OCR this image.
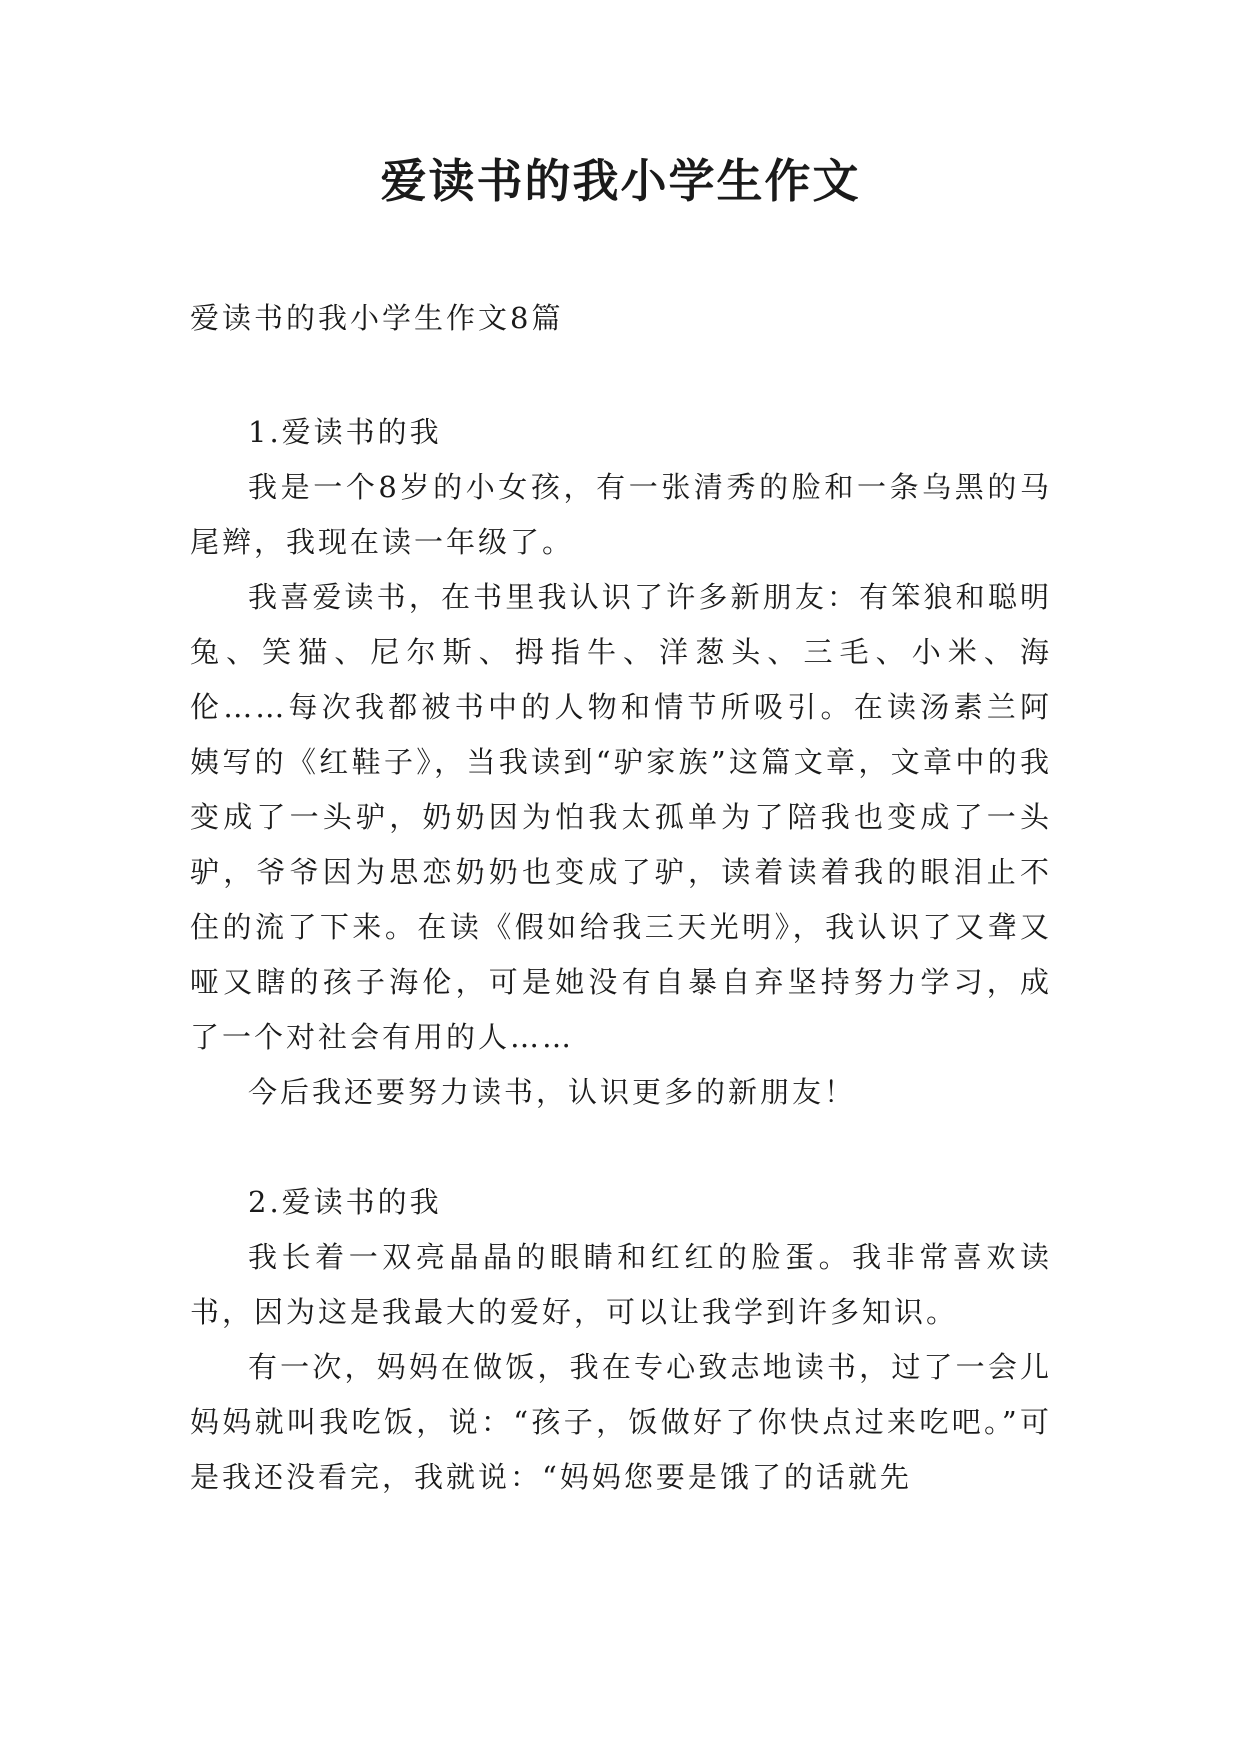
爱读书的我小学生作文

爱读书的我小学生作文8篇

1.爱读书的我

我是一个8岁的小女孩，有一张清秀的脸和一条乌黑的马尾辫，我现在读一年级了。

我喜爱读书，在书里我认识了许多新朋友：有笨狼和聪明兔、笑猫、尼尔斯、拇指牛、洋葱头、三毛、小米、海伦……每次我都被书中的人物和情节所吸引。在读汤素兰阿姨写的《红鞋子》，当我读到“驴家族”这篇文章，文章中的我变成了一头驴，奶奶因为怕我太孤单为了陪我也变成了一头驴，爷爷因为思恋奶奶也变成了驴，读着读着我的眼泪止不住的流了下来。在读《假如给我三天光明》，我认识了又聋又哑又瞎的孩子海伦，可是她没有自暴自弃坚持努力学习，成了一个对社会有用的人……

今后我还要努力读书，认识更多的新朋友！

2.爱读书的我

我长着一双亮晶晶的眼睛和红红的脸蛋。我非常喜欢读书，因为这是我最大的爱好，可以让我学到许多知识。

有一次，妈妈在做饭，我在专心致志地读书，过了一会儿妈妈就叫我吃饭，说：“孩子，饭做好了你快点过来吃吧。”可是我还没看完，我就说：“妈妈您要是饿了的话就先
